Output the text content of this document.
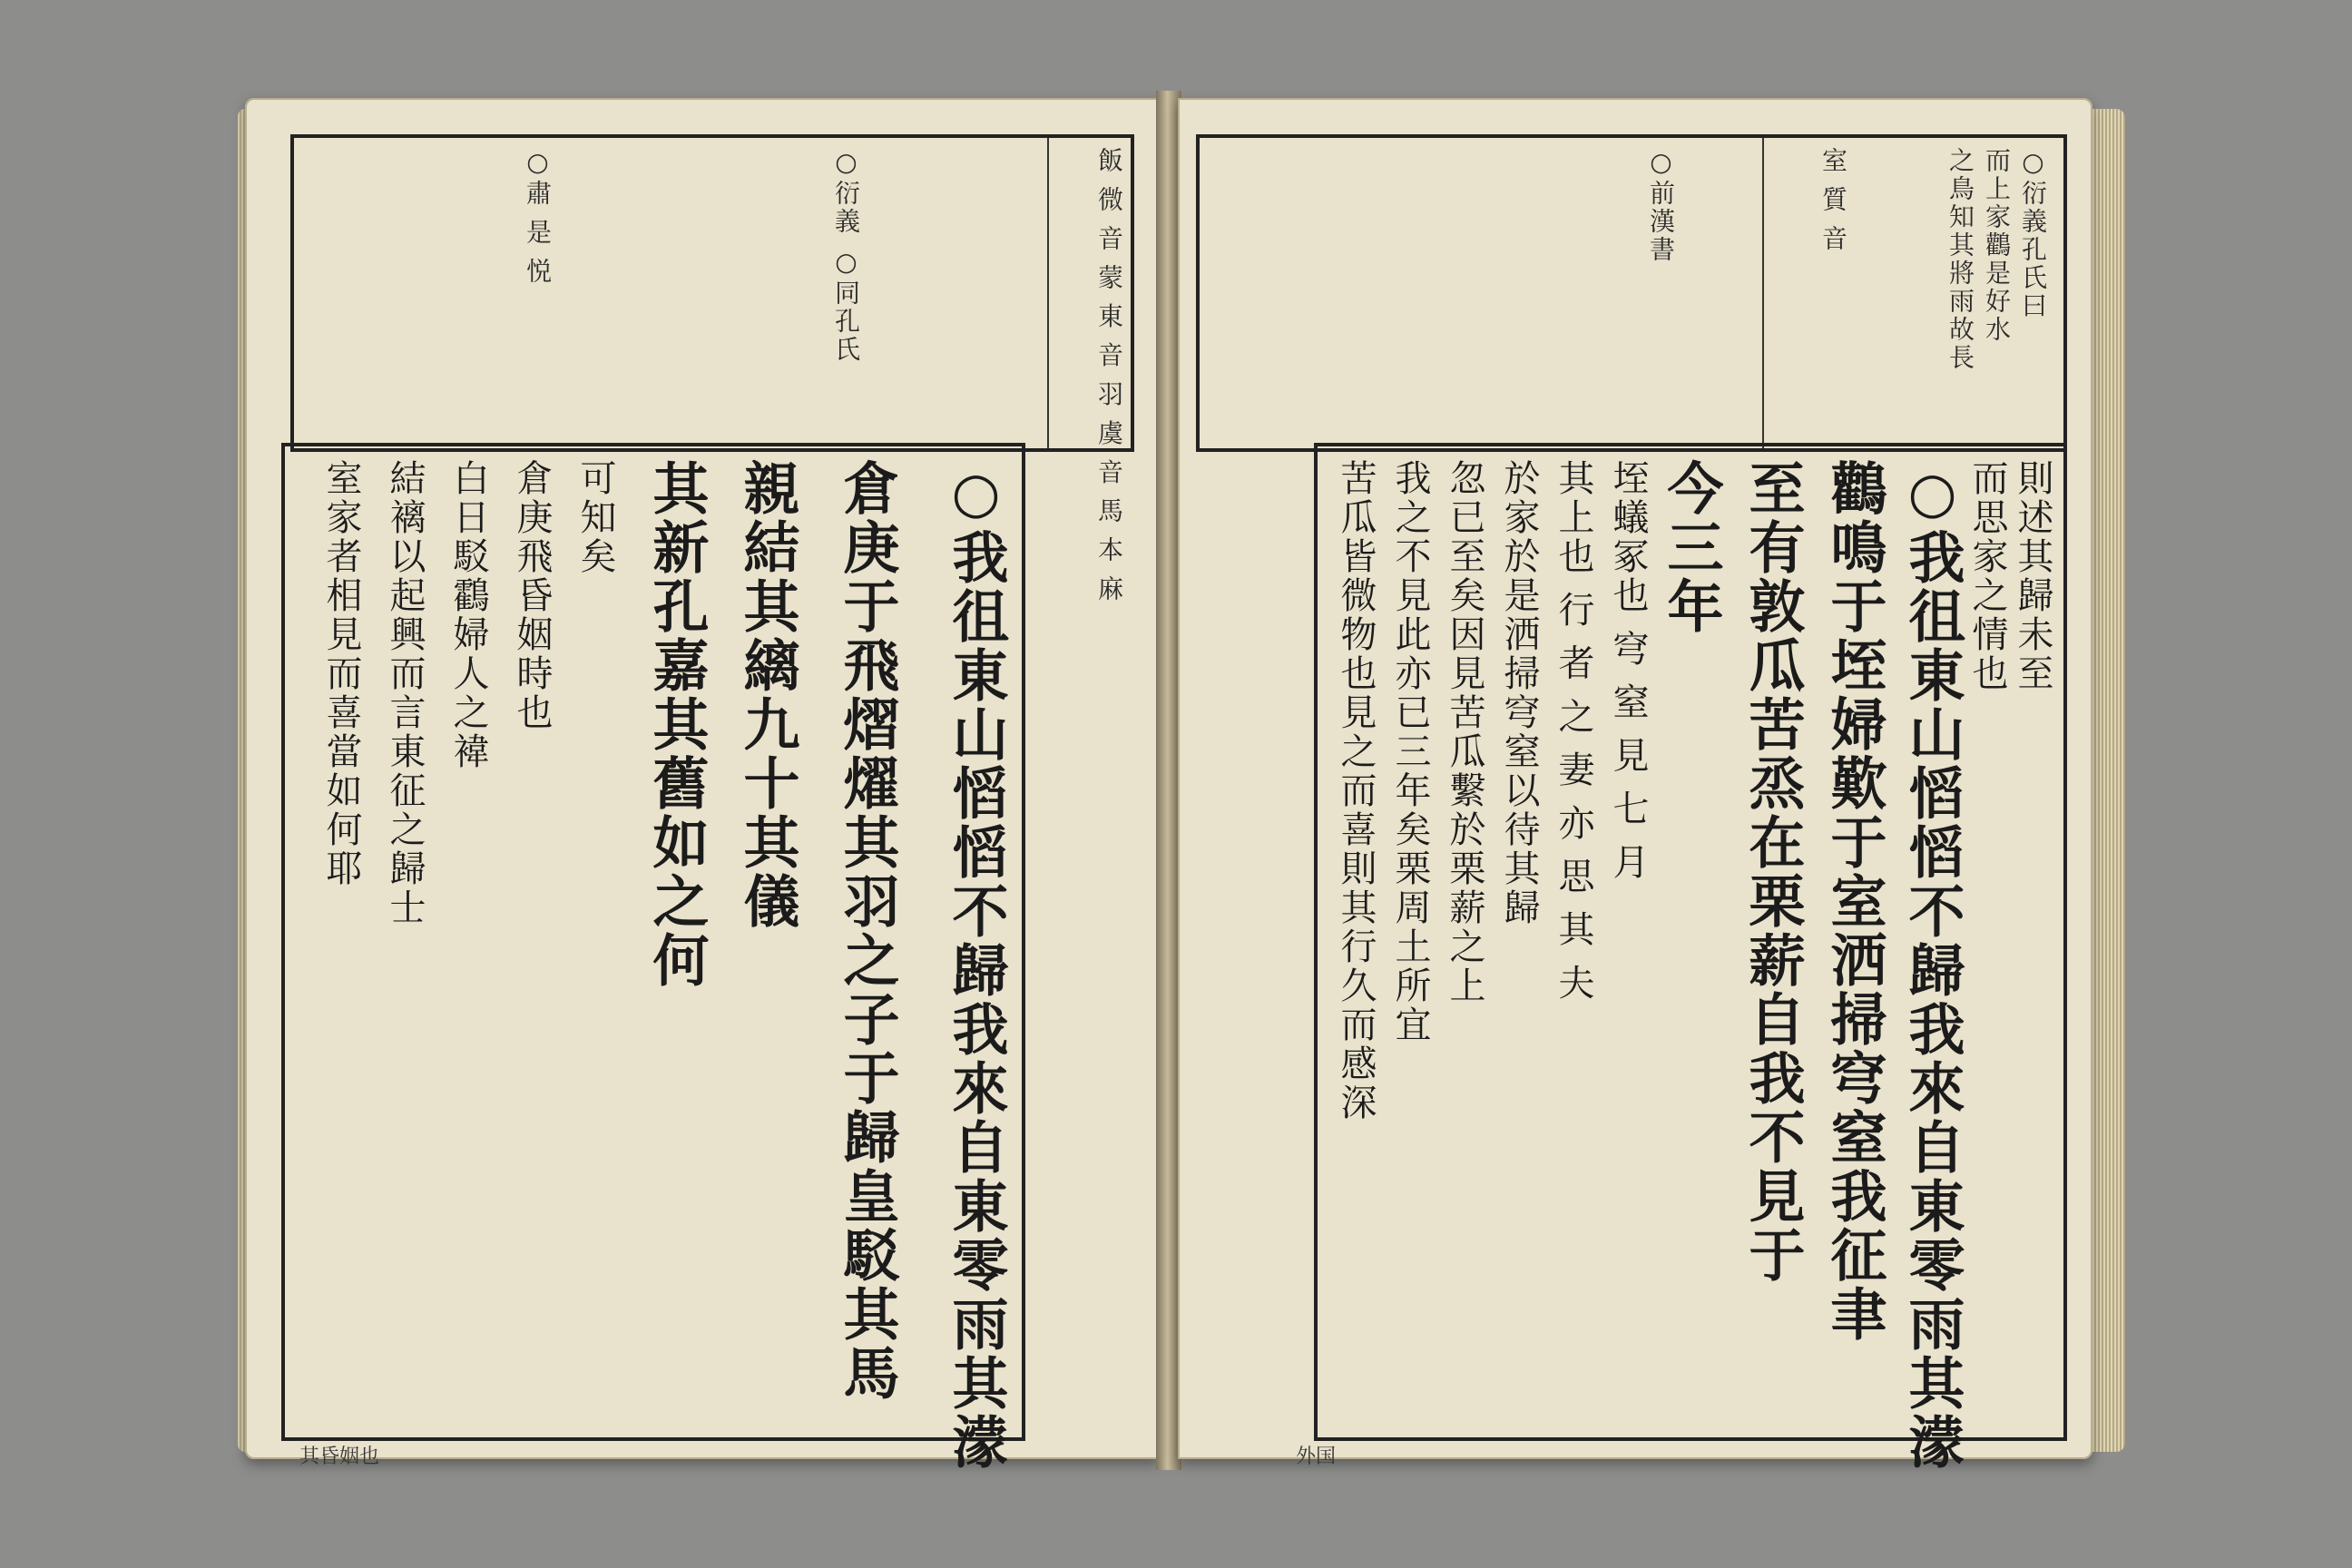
飯 微 音 蒙 東 音 羽 虞 音 馬 本 麻
○衍義 ○同孔氏
○肅 是 悦
○我徂東山慆慆不歸我來自東零雨其濛
倉庚于飛熠燿其羽之子于歸皇駁其馬
親結其縭九十其儀
其新孔嘉其舊如之何
可知矣
倉庚飛昏姻時也
白日駁鸖婦人之褘
結褵以起興而言東征之歸士
室家者相見而喜當如何耶
其昏姻也
○衍義孔氏曰
而上家鸛是好水
之鳥知其將雨故長
○前漢書	室 質 音
則述其歸未至
而思家之情也
○我徂東山慆慆不歸我來自東零雨其濛
鸛鳴于垤婦歎于室洒掃穹窒我征聿
至有敦瓜苦烝在栗薪自我不見于
今三年
垤蟻冢也 穹 窒 見 七 月
其上也 行 者 之 妻 亦 思 其 夫
於家於是洒掃穹窒以待其歸
忽已至矣因見苦瓜繫於栗薪之上
我之不見此亦已三年矣栗周土所宜
苦瓜皆微物也見之而喜則其行久而感深
外国
